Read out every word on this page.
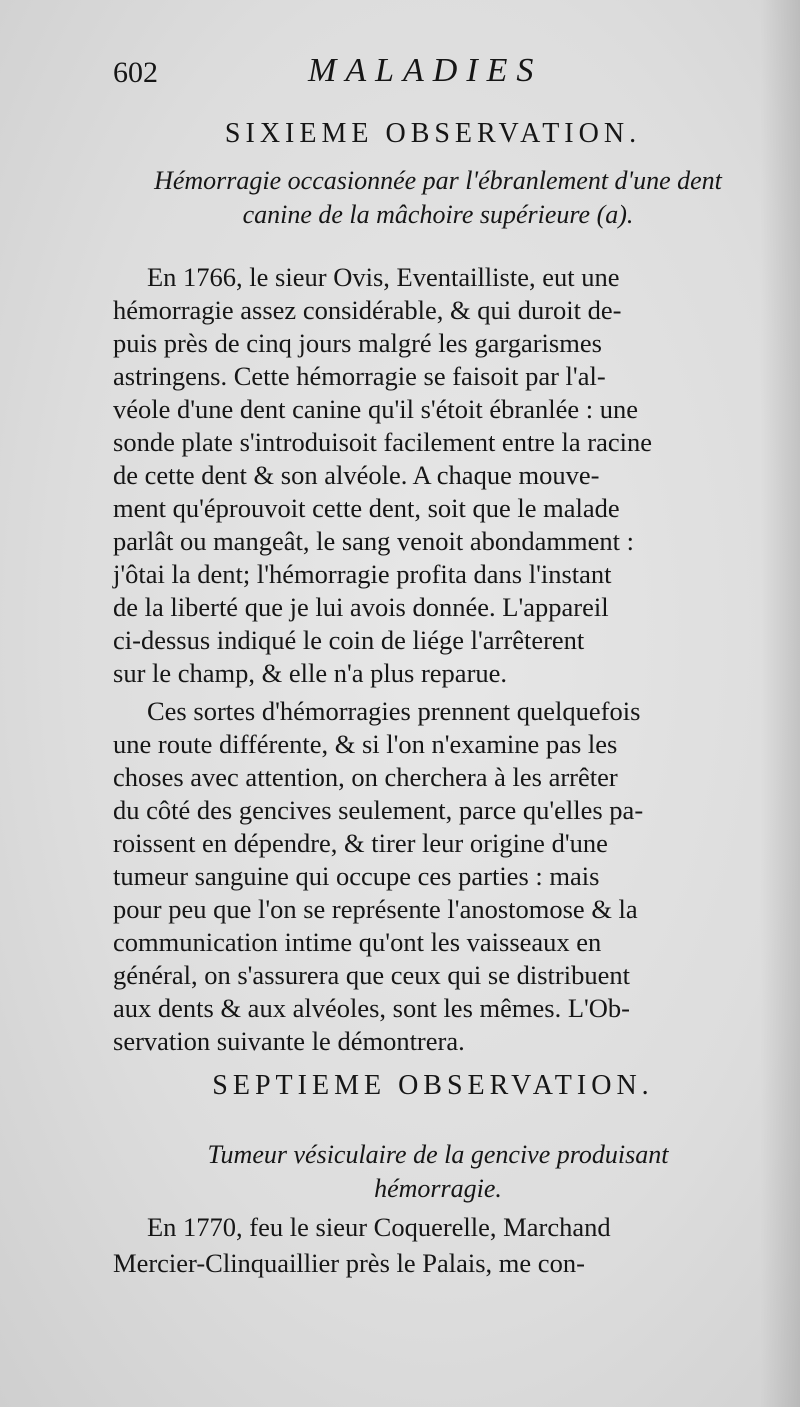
602	MALADIES
SIXIEME OBSERVATION.
Hémorragie occasionnée par l'ébranlement d'une dent
canine de la mâchoire supérieure (a).
En 1766, le sieur Ovis, Eventailliste, eut une
hémorragie assez considérable, & qui duroit de-
puis près de cinq jours malgré les gargarismes
astringens. Cette hémorragie se faisoit par l'al-
véole d'une dent canine qu'il s'étoit ébranlée : une
sonde plate s'introduisoit facilement entre la racine
de cette dent & son alvéole. A chaque mouve-
ment qu'éprouvoit cette dent, soit que le malade
parlât ou mangeât, le sang venoit abondamment :
j'ôtai la dent; l'hémorragie profita dans l'instant
de la liberté que je lui avois donnée. L'appareil
ci-dessus indiqué le coin de liége l'arrêterent
sur le champ, & elle n'a plus reparue.
Ces sortes d'hémorragies prennent quelquefois
une route différente, & si l'on n'examine pas les
choses avec attention, on cherchera à les arrêter
du côté des gencives seulement, parce qu'elles pa-
roissent en dépendre, & tirer leur origine d'une
tumeur sanguine qui occupe ces parties : mais
pour peu que l'on se représente l'anostomose & la
communication intime qu'ont les vaisseaux en
général, on s'assurera que ceux qui se distribuent
aux dents & aux alvéoles, sont les mêmes. L'Ob-
servation suivante le démontrera.
SEPTIEME OBSERVATION.
Tumeur vésiculaire de la gencive produisant
hémorragie.
En 1770, feu le sieur Coquerelle, Marchand
Mercier-Clinquaillier près le Palais, me con-
